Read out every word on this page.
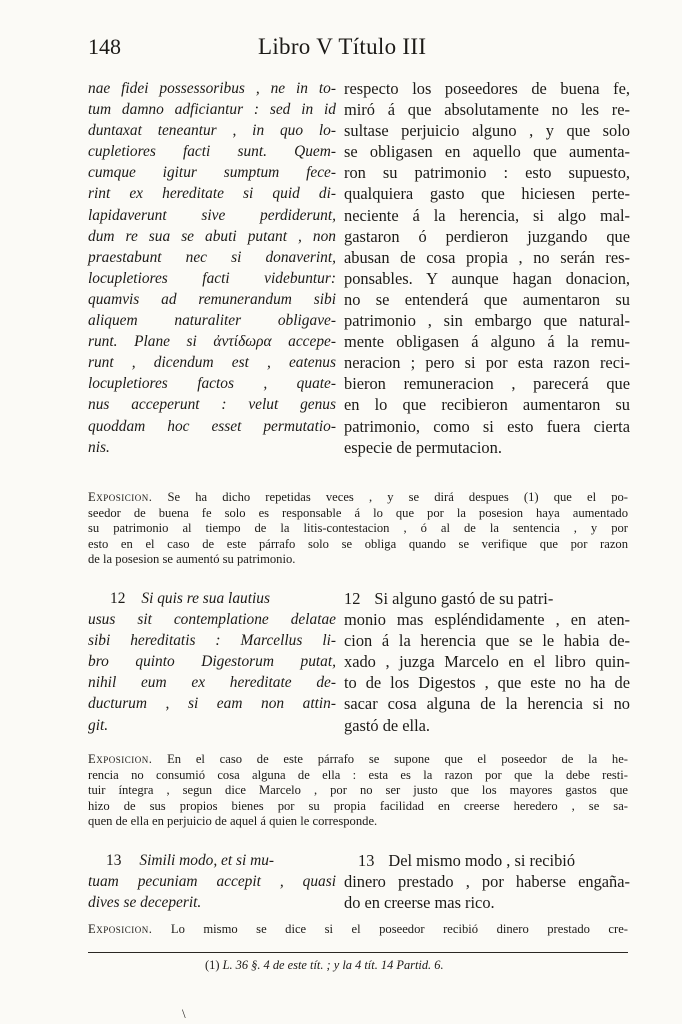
148	Libro V Título III
nae fidei possessoribus , ne in to-
tum damno adficiantur : sed in id
duntaxat teneantur , in quo lo-
cupletiores facti sunt. Quem-
cumque igitur sumptum fece-
rint ex hereditate si quid di-
lapidaverunt sive perdiderunt,
dum re sua se abuti putant , non
praestabunt nec si donaverint,
locupletiores facti videbuntur:
quamvis ad remunerandum sibi
aliquem naturaliter obligave-
runt. Plane si ἀντίδωρα accepe-
runt , dicendum est , eatenus
locupletiores factos , quate-
nus acceperunt : velut genus
quoddam hoc esset permutatio-
nis.
respecto los poseedores de buena fe,
miró á que absolutamente no les re-
sultase perjuicio alguno , y que solo
se obligasen en aquello que aumenta-
ron su patrimonio : esto supuesto,
qualquiera gasto que hiciesen perte-
neciente á la herencia, si algo mal-
gastaron ó perdieron juzgando que
abusan de cosa propia , no serán res-
ponsables. Y aunque hagan donacion,
no se entenderá que aumentaron su
patrimonio , sin embargo que natural-
mente obligasen á alguno á la remu-
neracion ; pero si por esta razon reci-
bieron remuneracion , parecerá que
en lo que recibieron aumentaron su
patrimonio, como si esto fuera cierta
especie de permutacion.
Exposicion. Se ha dicho repetidas veces , y se dirá despues (1) que el po-
seedor de buena fe solo es responsable á lo que por la posesion haya aumentado
su patrimonio al tiempo de la litis-contestacion , ó al de la sentencia , y por
esto en el caso de este párrafo solo se obliga quando se verifique que por razon
de la posesion se aumentó su patrimonio.
12 Si quis re sua lautius
usus sit contemplatione delatae
sibi hereditatis : Marcellus li-
bro quinto Digestorum putat,
nihil eum ex hereditate de-
ducturum , si eam non attin-
git.
12 Si alguno gastó de su patri-
monio mas espléndidamente , en aten-
cion á la herencia que se le habia de-
xado , juzga Marcelo en el libro quin-
to de los Digestos , que este no ha de
sacar cosa alguna de la herencia si no
gastó de ella.
Exposicion. En el caso de este párrafo se supone que el poseedor de la he-
rencia no consumió cosa alguna de ella : esta es la razon por que la debe resti-
tuir íntegra , segun dice Marcelo , por no ser justo que los mayores gastos que
hizo de sus propios bienes por su propia facilidad en creerse heredero , se sa-
quen de ella en perjuicio de aquel á quien le corresponde.
13 Simili modo, et si mu-
tuam pecuniam accepit , quasi
dives se deceperit.
13 Del mismo modo , si recibió
dinero prestado , por haberse engaña-
do en creerse mas rico.
Exposicion. Lo mismo se dice si el poseedor recibió dinero prestado cre-
(1) L. 36 §. 4 de este tít. ; y la 4 tít. 14 Partid. 6.
\
